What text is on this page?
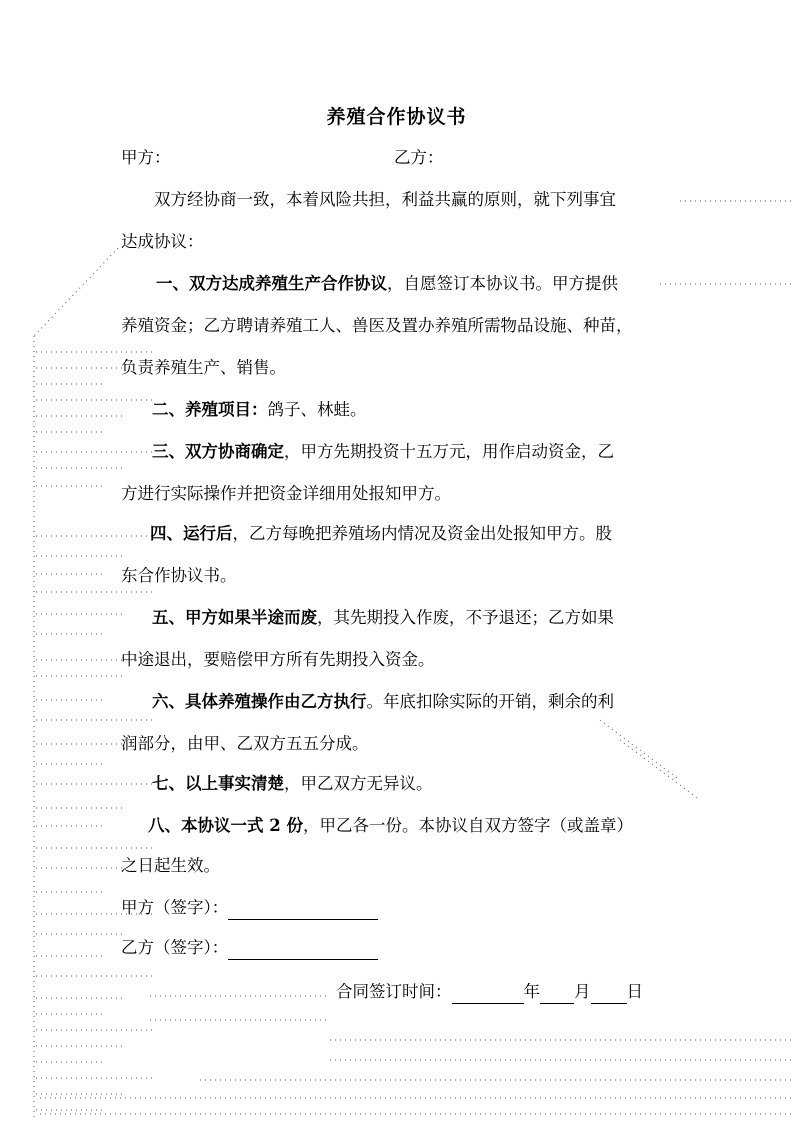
养殖合作协议书
甲方：	乙方：
双方经协商一致，本着风险共担，利益共赢的原则，就下列事宜
达成协议：
一、双方达成养殖生产合作协议，自愿签订本协议书。甲方提供
养殖资金；乙方聘请养殖工人、兽医及置办养殖所需物品设施、种苗，
负责养殖生产、销售。
二、养殖项目：鸽子、林蛙。
三、双方协商确定，甲方先期投资十五万元，用作启动资金，乙
方进行实际操作并把资金详细用处报知甲方。
四、运行后，乙方每晚把养殖场内情况及资金出处报知甲方。股
东合作协议书。
五、甲方如果半途而废，其先期投入作废，不予退还；乙方如果
中途退出，要赔偿甲方所有先期投入资金。
六、具体养殖操作由乙方执行。年底扣除实际的开销，剩余的利
润部分，由甲、乙双方五五分成。
七、以上事实清楚，甲乙双方无异议。
八、本协议一式 2 份，甲乙各一份。本协议自双方签字（或盖章）
之日起生效。
甲方（签字）：
乙方（签字）：
合同签订时间：	年 月 日
